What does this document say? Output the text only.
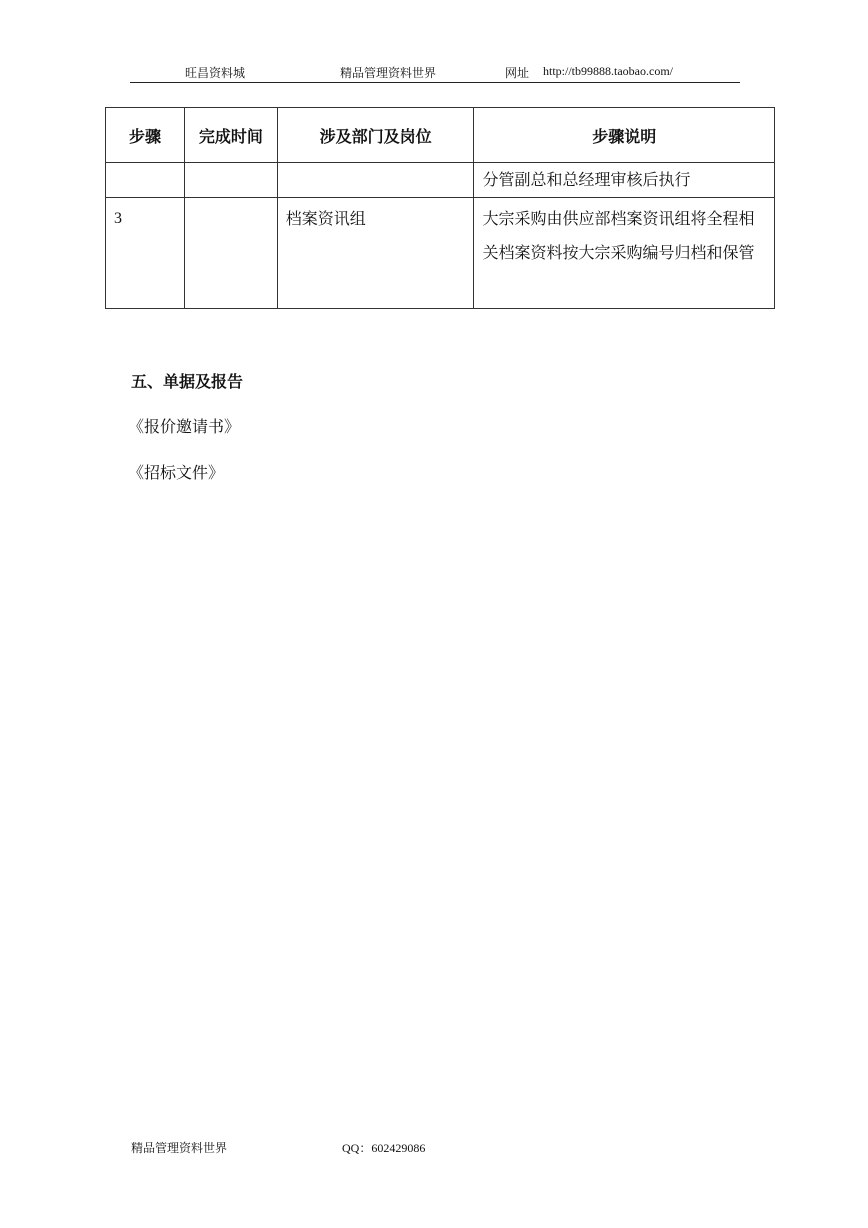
旺昌资料城	精品管理资料世界	网址 http://tb99888.taobao.com/
步骤	完成时间	涉及部门及岗位	步骤说明
			分管副总和总经理审核后执行
3		档案资讯组	大宗采购由供应部档案资讯组将全程相关档案资料按大宗采购编号归档和保管
五、单据及报告
《报价邀请书》
《招标文件》
精品管理资料世界	QQ：602429086
